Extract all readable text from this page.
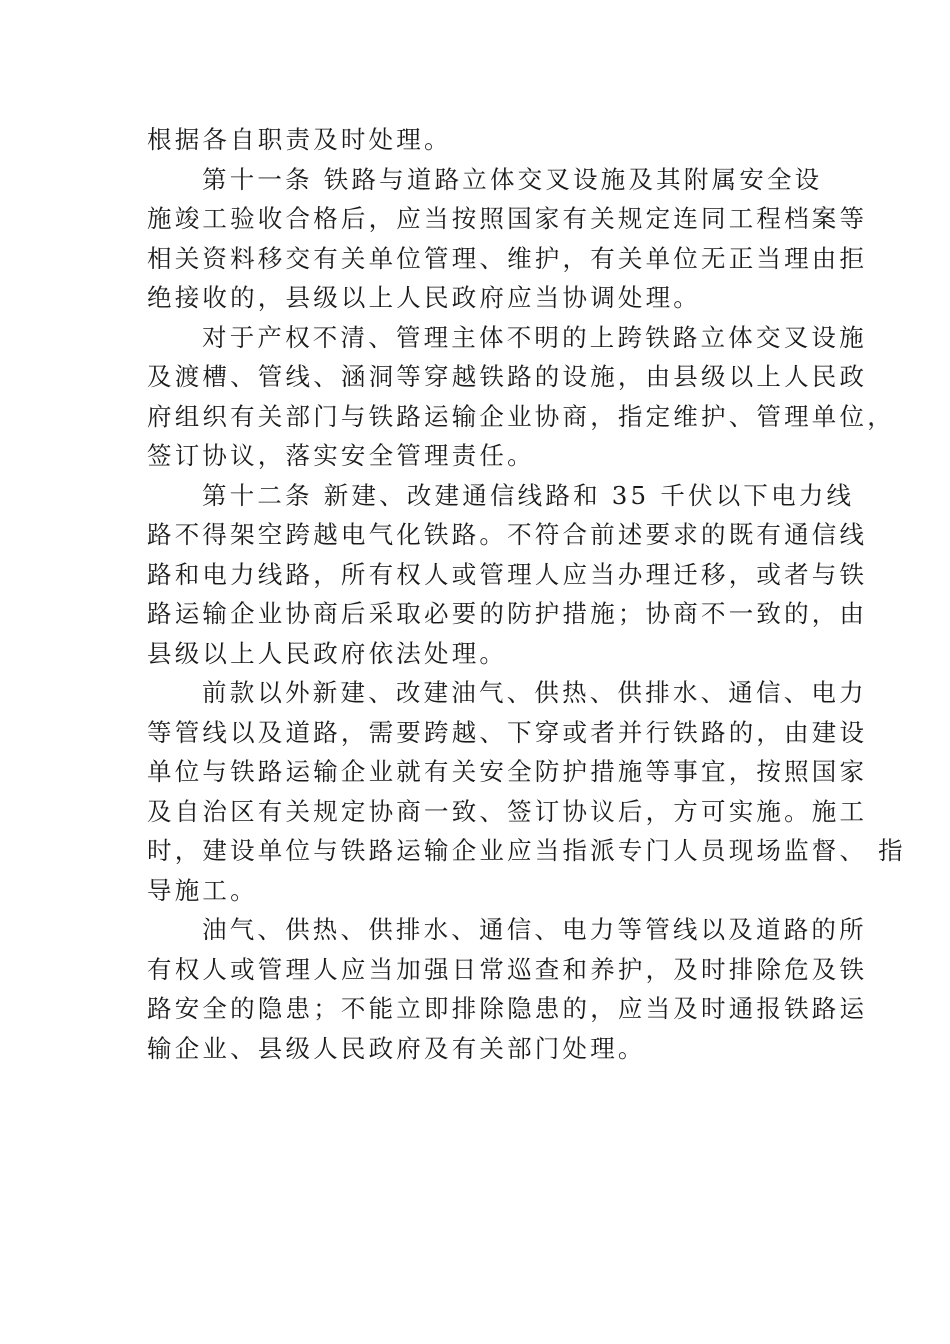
根据各自职责及时处理。
第十一条 铁路与道路立体交叉设施及其附属安全设
施竣工验收合格后，应当按照国家有关规定连同工程档案等
相关资料移交有关单位管理、维护，有关单位无正当理由拒
绝接收的，县级以上人民政府应当协调处理。
对于产权不清、管理主体不明的上跨铁路立体交叉设施
及渡槽、管线、涵洞等穿越铁路的设施，由县级以上人民政
府组织有关部门与铁路运输企业协商，指定维护、管理单位，
签订协议，落实安全管理责任。
第十二条 新建、改建通信线路和 35 千伏以下电力线
路不得架空跨越电气化铁路。不符合前述要求的既有通信线
路和电力线路，所有权人或管理人应当办理迁移，或者与铁
路运输企业协商后采取必要的防护措施；协商不一致的，由
县级以上人民政府依法处理。
前款以外新建、改建油气、供热、供排水、通信、电力
等管线以及道路，需要跨越、下穿或者并行铁路的，由建设
单位与铁路运输企业就有关安全防护措施等事宜，按照国家
及自治区有关规定协商一致、签订协议后，方可实施。施工
时，建设单位与铁路运输企业应当指派专门人员现场监督、 指
导施工。
油气、供热、供排水、通信、电力等管线以及道路的所
有权人或管理人应当加强日常巡查和养护，及时排除危及铁
路安全的隐患；不能立即排除隐患的，应当及时通报铁路运
输企业、县级人民政府及有关部门处理。
